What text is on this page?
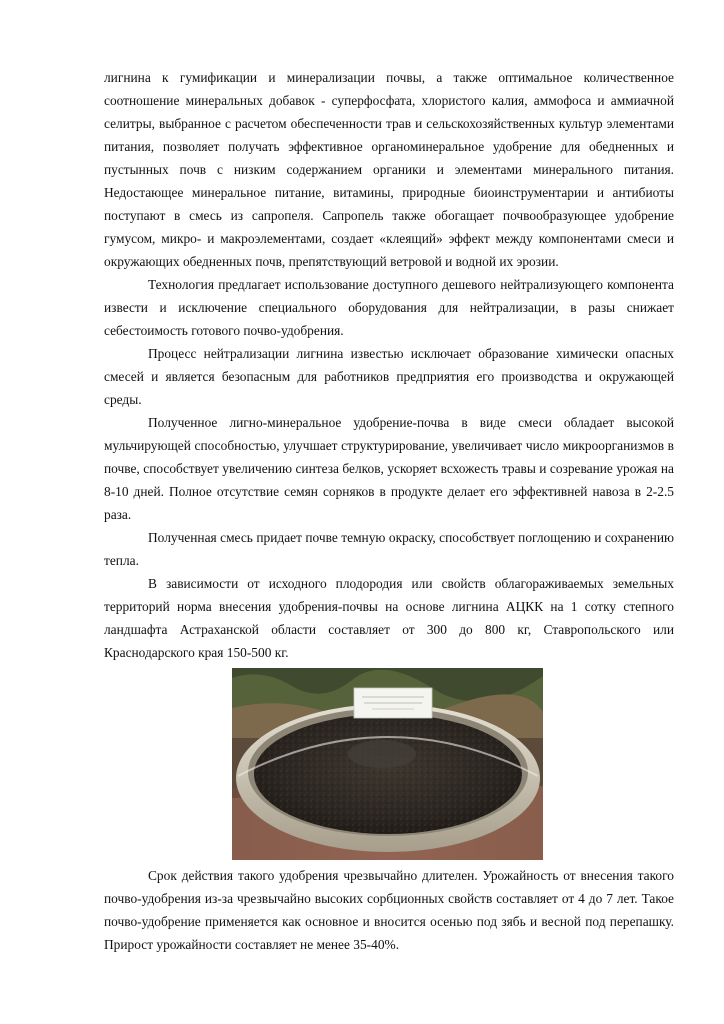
лигнина к гумификации и минерализации почвы, а также оптимальное количественное соотношение минеральных добавок - суперфосфата, хлористого калия, аммофоса и аммиачной селитры, выбранное с расчетом обеспеченности трав и сельскохозяйственных культур элементами питания, позволяет получать эффективное органоминеральное удобрение для обедненных и пустынных почв с низким содержанием органики и элементами минерального питания. Недостающее минеральное питание, витамины, природные биоинструментарии и антибиоты поступают в смесь из сапропеля. Сапропель также обогащает почвообразующее удобрение гумусом, микро- и макроэлементами, создает «клеящий» эффект между компонентами смеси и окружающих обедненных почв, препятствующий ветровой и водной их эрозии.

Технология предлагает использование доступного дешевого нейтрализующего компонента извести и исключение специального оборудования для нейтрализации, в разы снижает себестоимость готового почво-удобрения.

Процесс нейтрализации лигнина известью исключает образование химически опасных смесей и является безопасным для работников предприятия его производства и окружающей среды.

Полученное лигно-минеральное удобрение-почва в виде смеси обладает высокой мульчирующей способностью, улучшает структурирование, увеличивает число микроорганизмов в почве, способствует увеличению синтеза белков, ускоряет всхожесть травы и созревание урожая на 8-10 дней. Полное отсутствие семян сорняков в продукте делает его эффективней навоза в 2-2.5 раза.

Полученная смесь придает почве темную окраску, способствует поглощению и сохранению тепла.

В зависимости от исходного плодородия или свойств облагораживаемых земельных территорий норма внесения удобрения-почвы на основе лигнина АЦКК на 1 сотку степного ландшафта Астраханской области составляет от 300 до 800 кг, Ставропольского или Краснодарского края 150-500 кг.

Срок действия такого удобрения чрезвычайно длителен. Урожайность от внесения такого почво-удобрения из-за чрезвычайно высоких сорбционных свойств составляет от 4 до 7 лет. Такое почво-удобрение применяется как основное и вносится осенью под зябь и весной под перепашку. Прирост урожайности составляет не менее 35-40%.
